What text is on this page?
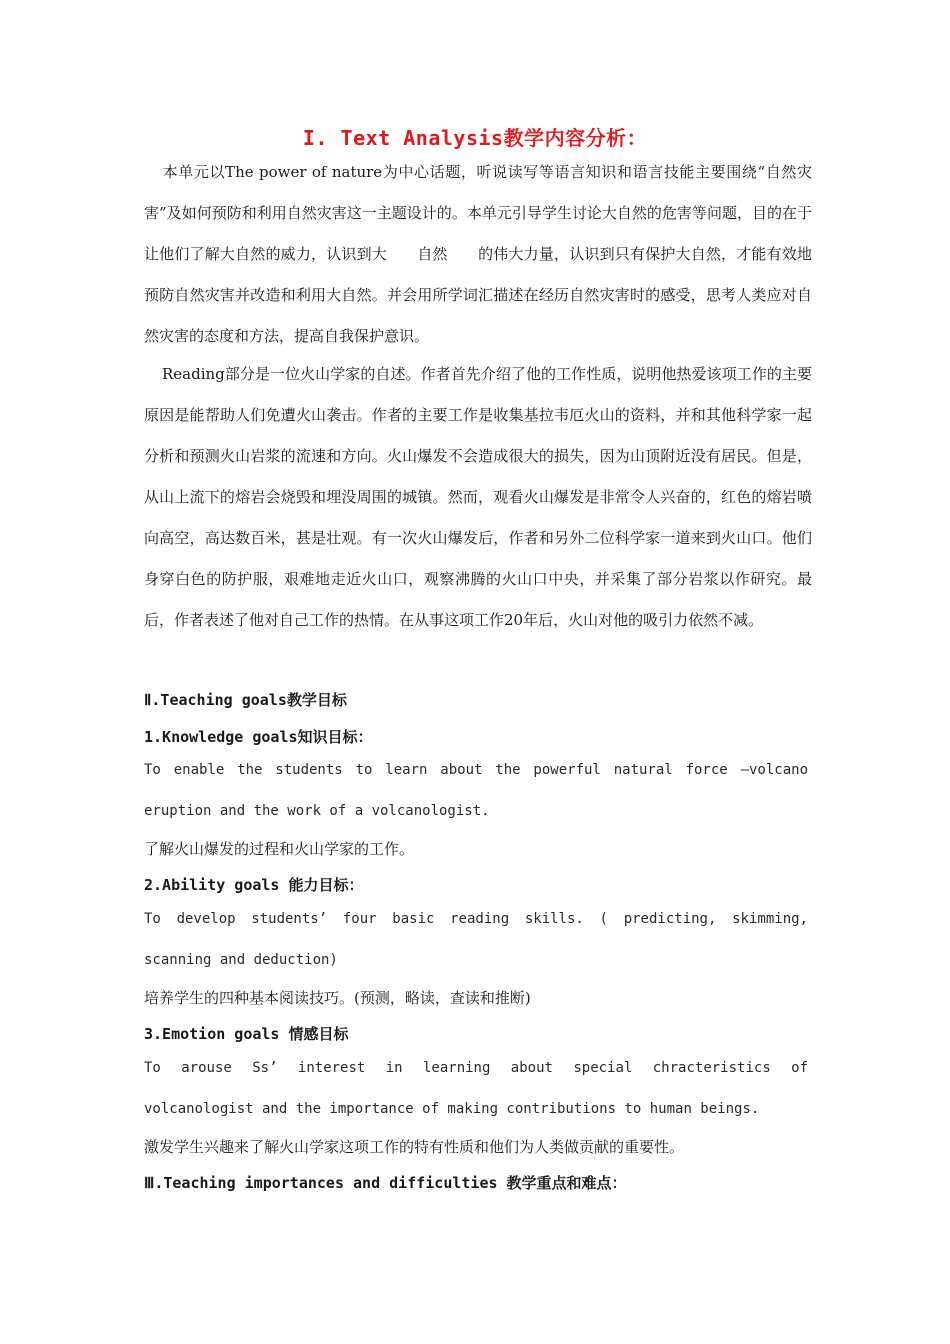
I. Text Analysis教学内容分析：

本单元以The power of nature为中心话题，听说读写等语言知识和语言技能主要围绕“自然灾害”及如何预防和利用自然灾害这一主题设计的。本单元引导学生讨论大自然的危害等问题，目的在于让他们了解大自然的威力，认识到大　　自然　　的伟大力量，认识到只有保护大自然，才能有效地预防自然灾害并改造和利用大自然。并会用所学词汇描述在经历自然灾害时的感受，思考人类应对自然灾害的态度和方法，提高自我保护意识。

Reading部分是一位火山学家的自述。作者首先介绍了他的工作性质，说明他热爱该项工作的主要原因是能帮助人们免遭火山袭击。作者的主要工作是收集基拉韦厄火山的资料，并和其他科学家一起分析和预测火山岩浆的流速和方向。火山爆发不会造成很大的损失，因为山顶附近没有居民。但是，从山上流下的熔岩会烧毁和埋没周围的城镇。然而，观看火山爆发是非常令人兴奋的，红色的熔岩喷向高空，高达数百米，甚是壮观。有一次火山爆发后，作者和另外二位科学家一道来到火山口。他们身穿白色的防护服，艰难地走近火山口，观察沸腾的火山口中央，并采集了部分岩浆以作研究。最后，作者表述了他对自己工作的热情。在从事这项工作20年后，火山对他的吸引力依然不减。

Ⅱ.Teaching goals教学目标

1.Knowledge goals知识目标：

To enable the students to learn about the powerful natural force —volcano
eruption and the work of a volcanologist.

了解火山爆发的过程和火山学家的工作。

2.Ability goals 能力目标：

To develop students’ four basic reading skills. ( predicting, skimming,
scanning and deduction)

培养学生的四种基本阅读技巧。(预测，略读，查读和推断)

3.Emotion goals 情感目标

To arouse Ss’ interest in learning about special chracteristics of
volcanologist and the importance of making contributions to human beings.

激发学生兴趣来了解火山学家这项工作的特有性质和他们为人类做贡献的重要性。

Ⅲ.Teaching importances and difficulties 教学重点和难点：
